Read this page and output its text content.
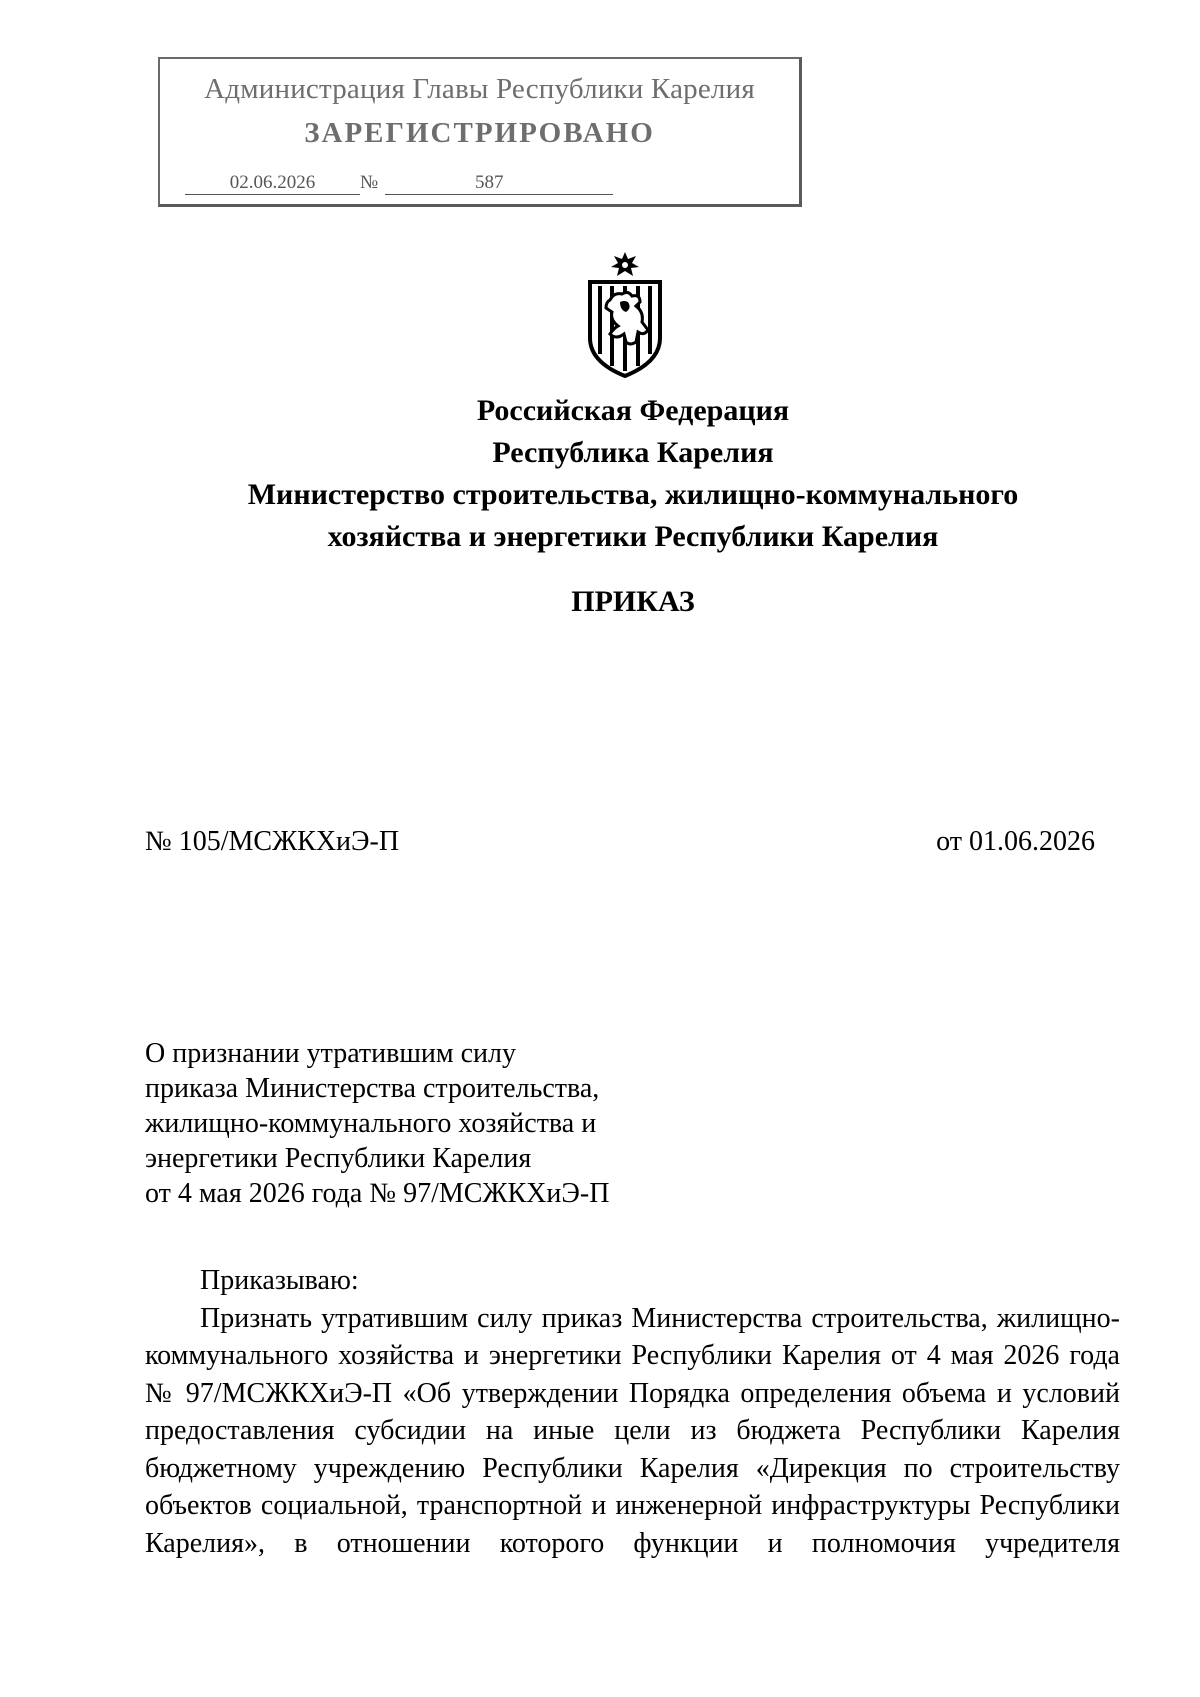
Администрация Главы Республики Карелия
ЗАРЕГИСТРИРОВАНО
02.06.2026	№	587
Российская Федерация
Республика Карелия
Министерство строительства, жилищно-коммунального
хозяйства и энергетики Республики Карелия
ПРИКАЗ
№ 105/МСЖКХиЭ-П	от 01.06.2026
О признании утратившим силу
приказа Министерства строительства,
жилищно-коммунального хозяйства и
энергетики Республики Карелия
от 4 мая 2026 года № 97/МСЖКХиЭ-П
Приказываю:
Признать утратившим силу приказ Министерства строительства, жилищно-коммунального хозяйства и энергетики Республики Карелия от 4 мая 2026 года № 97/МСЖКХиЭ-П «Об утверждении Порядка определения объема и условий предоставления субсидии на иные цели из бюджета Республики Карелия бюджетному учреждению Республики Карелия «Дирекция по строительству объектов социальной, транспортной и инженерной инфраструктуры Республики Карелия», в отношении которого функции и полномочия учредителя
